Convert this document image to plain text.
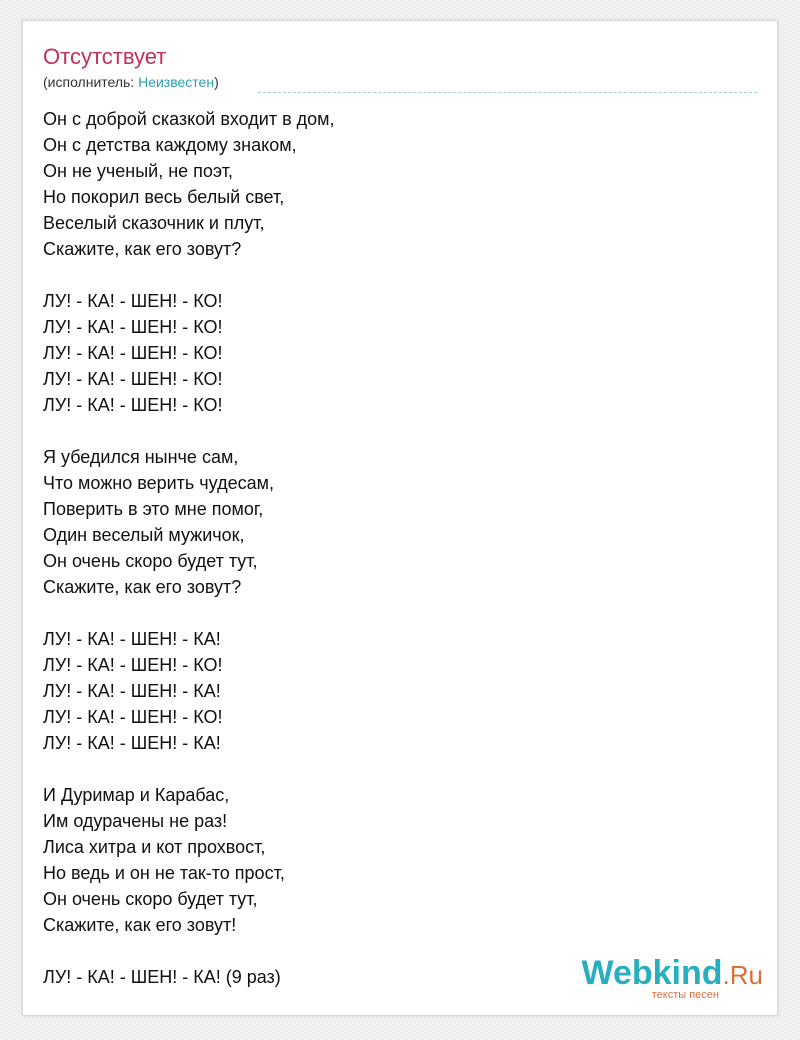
Отсутствует
(исполнитель: Неизвестен)
Он с доброй сказкой входит в дом,
Он с детства каждому знаком,
Он не ученый, не поэт,
Но покорил весь белый свет,
Веселый сказочник и плут,
Скажите, как его зовут?
ЛУ! - КА! - ШЕН! - КО!
ЛУ! - КА! - ШЕН! - КО!
ЛУ! - КА! - ШЕН! - КО!
ЛУ! - КА! - ШЕН! - КО!
ЛУ! - КА! - ШЕН! - КО!
Я убедился нынче сам,
Что можно верить чудесам,
Поверить в это мне помог,
Один веселый мужичок,
Он очень скоро будет тут,
Скажите, как его зовут?
ЛУ! - КА! - ШЕН! - КА!
ЛУ! - КА! - ШЕН! - КО!
ЛУ! - КА! - ШЕН! - КА!
ЛУ! - КА! - ШЕН! - КО!
ЛУ! - КА! - ШЕН! - КА!
И Дуримар и Карабас,
Им одурачены не раз!
Лиса хитра и кот прохвост,
Но ведь и он не так-то прост,
Он очень скоро будет тут,
Скажите, как его зовут!
ЛУ! - КА! - ШЕН! - КА! (9 раз)	Webkind.Ru
тексты песен
